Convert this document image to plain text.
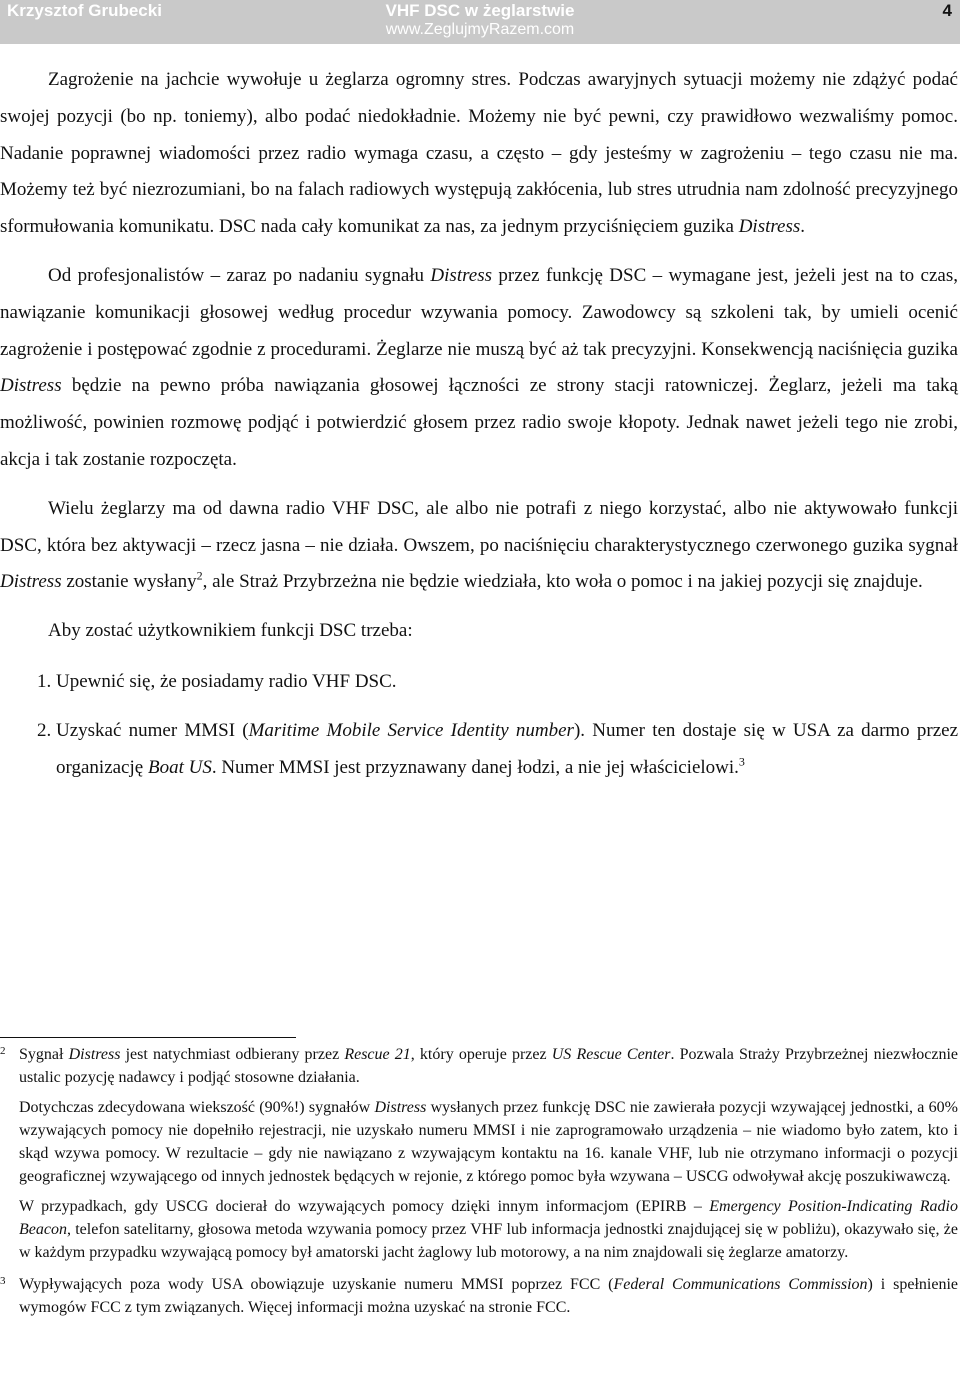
Krzysztof Grubecki	VHF DSC w żeglarstwie
www.ZeglujmyRazem.com
4

Zagrożenie na jachcie wywołuje u żeglarza ogromny stres. Podczas awaryjnych sytuacji możemy nie zdążyć podać swojej pozycji (bo np. toniemy), albo podać niedokładnie. Możemy nie być pewni, czy prawidłowo wezwaliśmy pomoc. Nadanie poprawnej wiadomości przez radio wymaga czasu, a często – gdy jesteśmy w zagrożeniu – tego czasu nie ma. Możemy też być niezrozumiani, bo na falach radiowych występują zakłócenia, lub stres utrudnia nam zdolność precyzyjnego sformułowania komunikatu. DSC nada cały komunikat za nas, za jednym przyciśnięciem guzika Distress.

Od profesjonalistów – zaraz po nadaniu sygnału Distress przez funkcję DSC – wymagane jest, jeżeli jest na to czas, nawiązanie komunikacji głosowej według procedur wzywania pomocy. Zawodowcy są szkoleni tak, by umieli ocenić zagrożenie i postępować zgodnie z procedurami. Żeglarze nie muszą być aż tak precyzyjni. Konsekwencją naciśnięcia guzika Distress będzie na pewno próba nawiązania głosowej łączności ze strony stacji ratowniczej. Żeglarz, jeżeli ma taką możliwość, powinien rozmowę podjąć i potwierdzić głosem przez radio swoje kłopoty. Jednak nawet jeżeli tego nie zrobi, akcja i tak zostanie rozpoczęta.

Wielu żeglarzy ma od dawna radio VHF DSC, ale albo nie potrafi z niego korzystać, albo nie aktywowało funkcji DSC, która bez aktywacji – rzecz jasna – nie działa. Owszem, po naciśnięciu charakterystycznego czerwonego guzika sygnał Distress zostanie wysłany$^2$, ale Straż Przybrzeżna nie będzie wiedziała, kto woła o pomoc i na jakiej pozycji się znajduje.

Aby zostać użytkownikiem funkcji DSC trzeba:

1. Upewnić się, że posiadamy radio VHF DSC.
2. Uzyskać numer MMSI (Maritime Mobile Service Identity number). Numer ten dostaje się w USA za darmo przez organizację Boat US. Numer MMSI jest przyznawany danej łodzi, a nie jej właścicielowi.$^3$
2 Sygnał Distress jest natychmiast odbierany przez Rescue 21, który operuje przez US Rescue Center. Pozwala Straży Przybrzeżnej niezwłocznie ustalic pozycję nadawcy i podjąć stosowne działania.

Dotychczas zdecydowana wiekszość (90%!) sygnałów Distress wysłanych przez funkcję DSC nie zawierała pozycji wzywającej jednostki, a 60% wzywających pomocy nie dopełniło rejestracji, nie uzyskało numeru MMSI i nie zaprogramowało urządzenia – nie wiadomo było zatem, kto i skąd wzywa pomocy. W rezultacie – gdy nie nawiązano z wzywającym kontaktu na 16. kanale VHF, lub nie otrzymano informacji o pozycji geograficznej wzywającego od innych jednostek będących w rejonie, z którego pomoc była wzywana – USCG odwoływał akcję poszukiwawczą.

W przypadkach, gdy USCG docierał do wzywających pomocy dzięki innym informacjom (EPIRB – Emergency Position-Indicating Radio Beacon, telefon satelitarny, głosowa metoda wzywania pomocy przez VHF lub informacja jednostki znajdującej się w pobliżu), okazywało się, że w każdym przypadku wzywającą pomocy był amatorski jacht żaglowy lub motorowy, a na nim znajdowali się żeglarze amatorzy.

3 Wypływających poza wody USA obowiązuje uzyskanie numeru MMSI poprzez FCC (Federal Communications Commission) i spełnienie wymogów FCC z tym związanych. Więcej informacji można uzyskać na stronie FCC.
